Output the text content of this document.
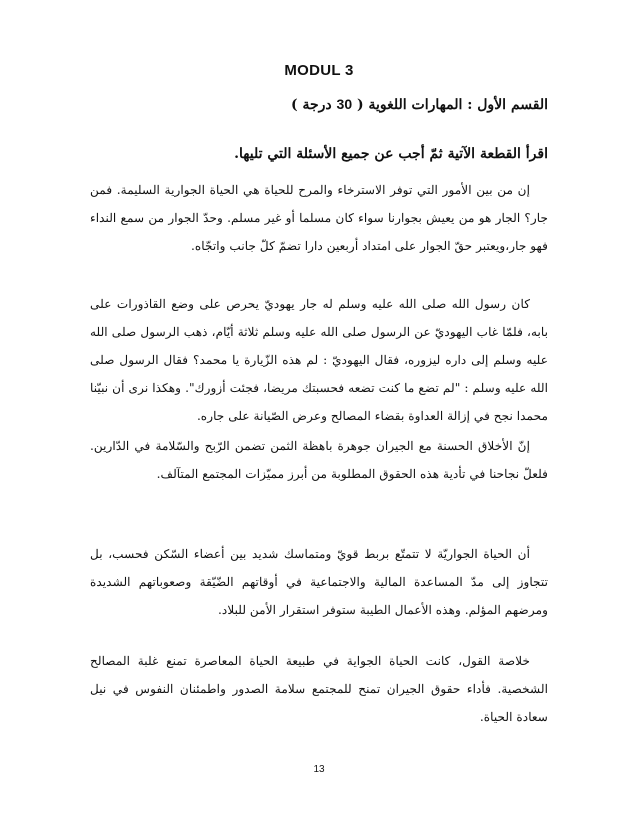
MODUL 3
القسم الأول : المهارات اللغوية ( 30 درجة )
اقرأ القطعة الآتية ثمّ أجب عن جميع الأسئلة التي تليها.
إن من بين الأمور التي توفر الاسترخاء والمرح للحياة هي الحياة الجوارية السليمة. فمن جار؟ الجار هو من يعيش بجوارنا سواء كان مسلما أو غير مسلم. وحدّ الجوار من سمع النداء فهو جار،ويعتبر حقّ الجوار على امتداد أربعين دارا تضمّ كلّ جانب واتجّاه.
كان رسول الله صلى الله عليه وسلم له جار يهوديّ يحرص على وضع القاذورات على بابه، فلمّا غاب اليهوديّ عن الرسول صلى الله عليه وسلم ثلاثة أيّام، ذهب الرسول صلى الله عليه وسلم إلى داره ليزوره، فقال اليهوديّ : لم هذه الزّيارة يا محمد؟ فقال الرسول صلى الله عليه وسلم : "لم تضع ما كنت تضعه فحسبتك مريضا، فجئت أزورك". وهكذا نرى أن نبيّنا محمدا نجح في إزالة العداوة بقضاء المصالح وعرض الصّيانة على جاره.
إنّ الأخلاق الحسنة مع الجيران جوهرة باهظة الثمن تضمن الرّبح والسّلامة في الدّارين. فلعلّ نجاحنا في تأدية هذه الحقوق المطلوبة من أبرز مميّزات المجتمع المتآلف.
أن الحياة الجواريّة لا تتمتّع بربط قويّ ومتماسك شديد بين أعضاء السّكن فحسب، بل تتجاوز إلى مدّ المساعدة المالية والاجتماعية في أوقاتهم الضّيّقة وصعوباتهم الشديدة ومرضهم المؤلم. وهذه الأعمال الطيبة ستوفر استقرار الأمن للبلاد.
خلاصة القول، كانت الحياة الجواية في طبيعة الحياة المعاصرة تمنع غلبة المصالح الشخصية. فأداء حقوق الجيران تمنح للمجتمع سلامة الصدور واطمئنان النفوس في نيل سعادة الحياة.
13
